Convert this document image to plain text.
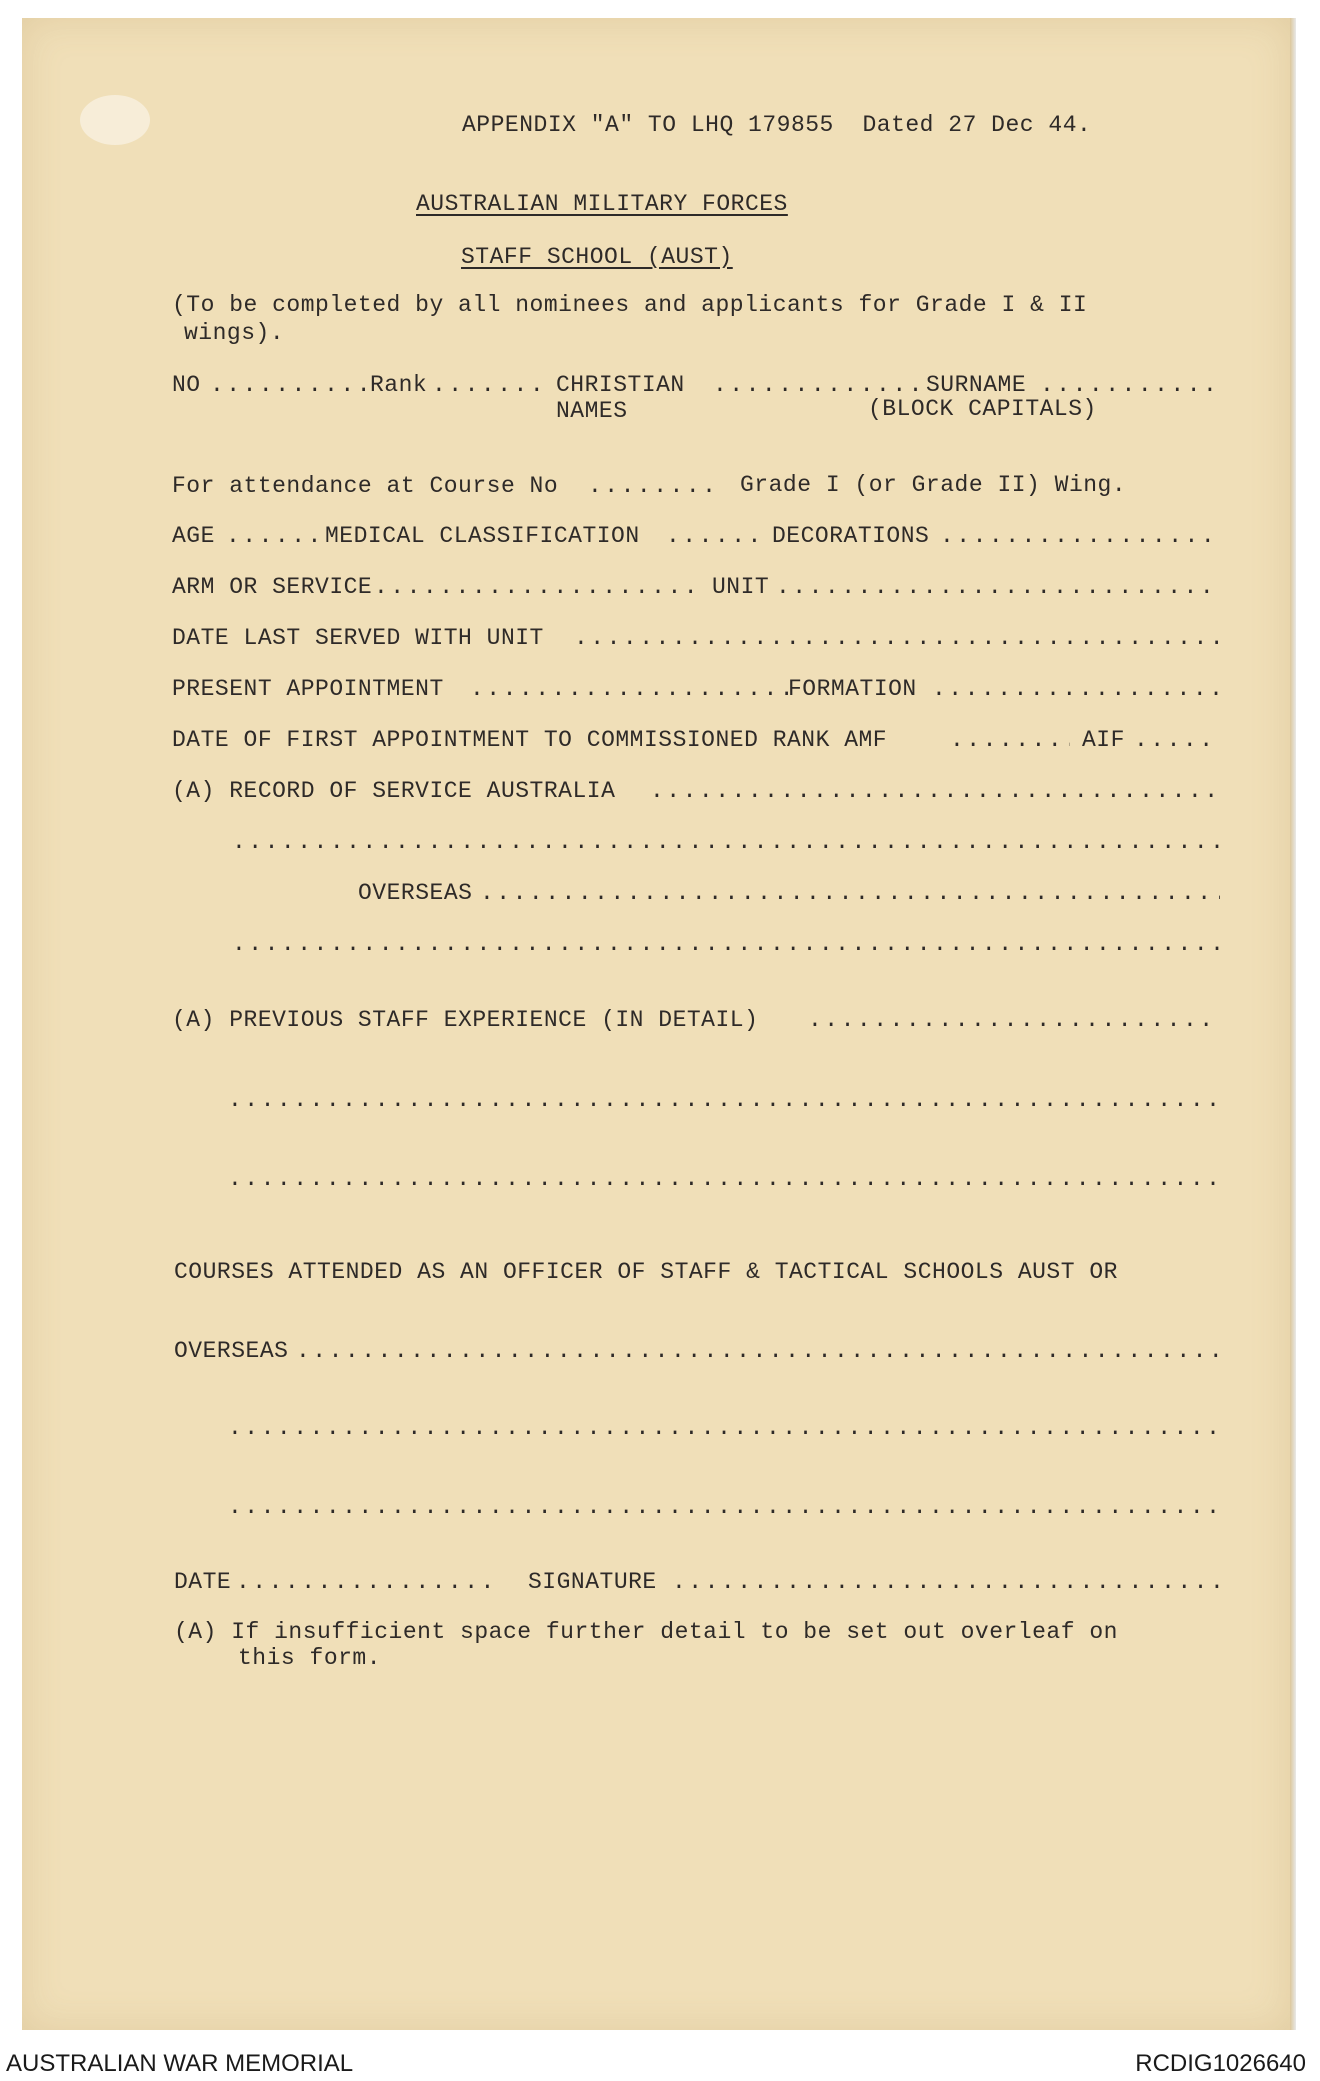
APPENDIX "A" TO LHQ 179855  Dated 27 Dec 44.
AUSTRALIAN MILITARY FORCES
STAFF SCHOOL (AUST)
(To be completed by all nominees and applicants for Grade I & II
wings).
NO .....	Rank .....	CHRISTIAN
NAMES
.....
SURNAME
.....
(BLOCK CAPITALS)
For attendance at Course No .....	Grade I (or Grade II) Wing.
AGE .....	MEDICAL CLASSIFICATION .....	DECORATIONS
.....
ARM OR SERVICE .....	UNIT
.....
DATE LAST SERVED WITH UNIT
.....
PRESENT APPOINTMENT .....	FORMATION
.....
DATE OF FIRST APPOINTMENT TO COMMISSIONED RANK AMF .....	AIF
.....
(A) RECORD OF SERVICE AUSTRALIA
.....
.....
OVERSEAS
.....
.....
(A) PREVIOUS STAFF EXPERIENCE (IN DETAIL)
.....
.....
.....
COURSES ATTENDED AS AN OFFICER OF STAFF & TACTICAL SCHOOLS AUST OR
OVERSEAS
.....
.....
.....
DATE .....	SIGNATURE
.....
(A) If insufficient space further detail to be set out overleaf on
this form.
AUSTRALIAN WAR MEMORIAL	RCDIG1026640
